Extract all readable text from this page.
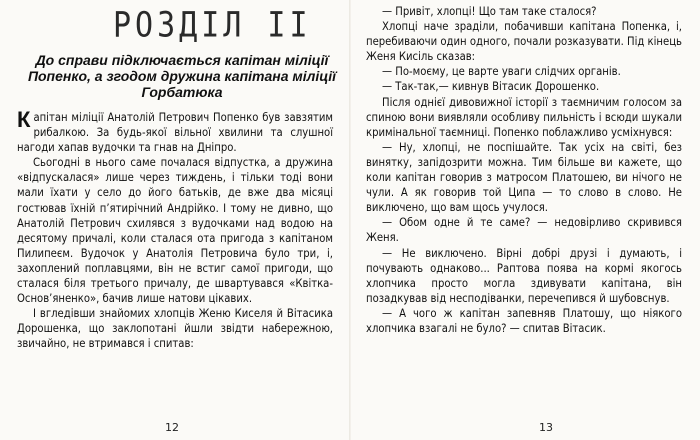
РОЗДІЛ ІІ
До справи підключається капітан міліції Попенко, а згодом дружина капітана міліції Горбатюка

Капітан міліції Анатолій Петрович Попенко був завзятим рибалкою. За будь-якої вільної хвилини та слушної нагоди хапав вудочки та гнав на Дніпро.

Сьогодні в нього саме почалася відпустка, а дружина «відпускалася» лише через тиждень, і тільки тоді вони мали їхати у село до його батьків, де вже два місяці гостював їхній п’ятирічний Андрійко. І тому не дивно, що Анатолій Петрович схилявся з вудочками над водою на десятому причалі, коли сталася ота пригода з капітаном Пилипеєм. Вудочок у Анатолія Петровича було три, і, захоплений поплавцями, він не встиг самої пригоди, що сталася біля третього причалу, де швартувався «Квітка-Основ’яненко», бачив лише натови цікавих.

І вгледівши знайомих хлопців Женю Киселя й Вітасика Дорошенка, що заклопотані йшли звідти набережною, звичайно, не втримався і спитав:

12	13

— Привіт, хлопці! Що там таке сталося?

Хлопці наче зраділи, побачивши капітана Попенка, і, перебиваючи один одного, почали розказувати. Під кінець Женя Кисіль сказав:

— По-моєму, це варте уваги слідчих органів.

— Так-так,— кивнув Вітасик Дорошенко.

Після однієї дивовижної історії з таємничим голосом за спиною вони виявляли особливу пильність і всюди шукали кримінальної таємниці. Попенко поблажливо усміхнувся:

— Ну, хлопці, не поспішайте. Так усіх на світі, без винятку, запідозрити можна. Тим більше ви кажете, що коли капітан говорив з матросом Платошею, ви нічого не чули. А як говорив той Ципа — то слово в слово. Не виключено, що вам щось учулося.

— Обом одне й те саме? — недовірливо скривився Женя.

— Не виключено. Вірні добрі друзі і думають, і почувають однаково... Раптова поява на кормі якогось хлопчика просто могла здивувати капітана, він позадкував від несподіванки, перечепився й шубовснув.

— А чого ж капітан запевняв Платошу, що ніякого хлопчика взагалі не було? — спитав Вітасик.
